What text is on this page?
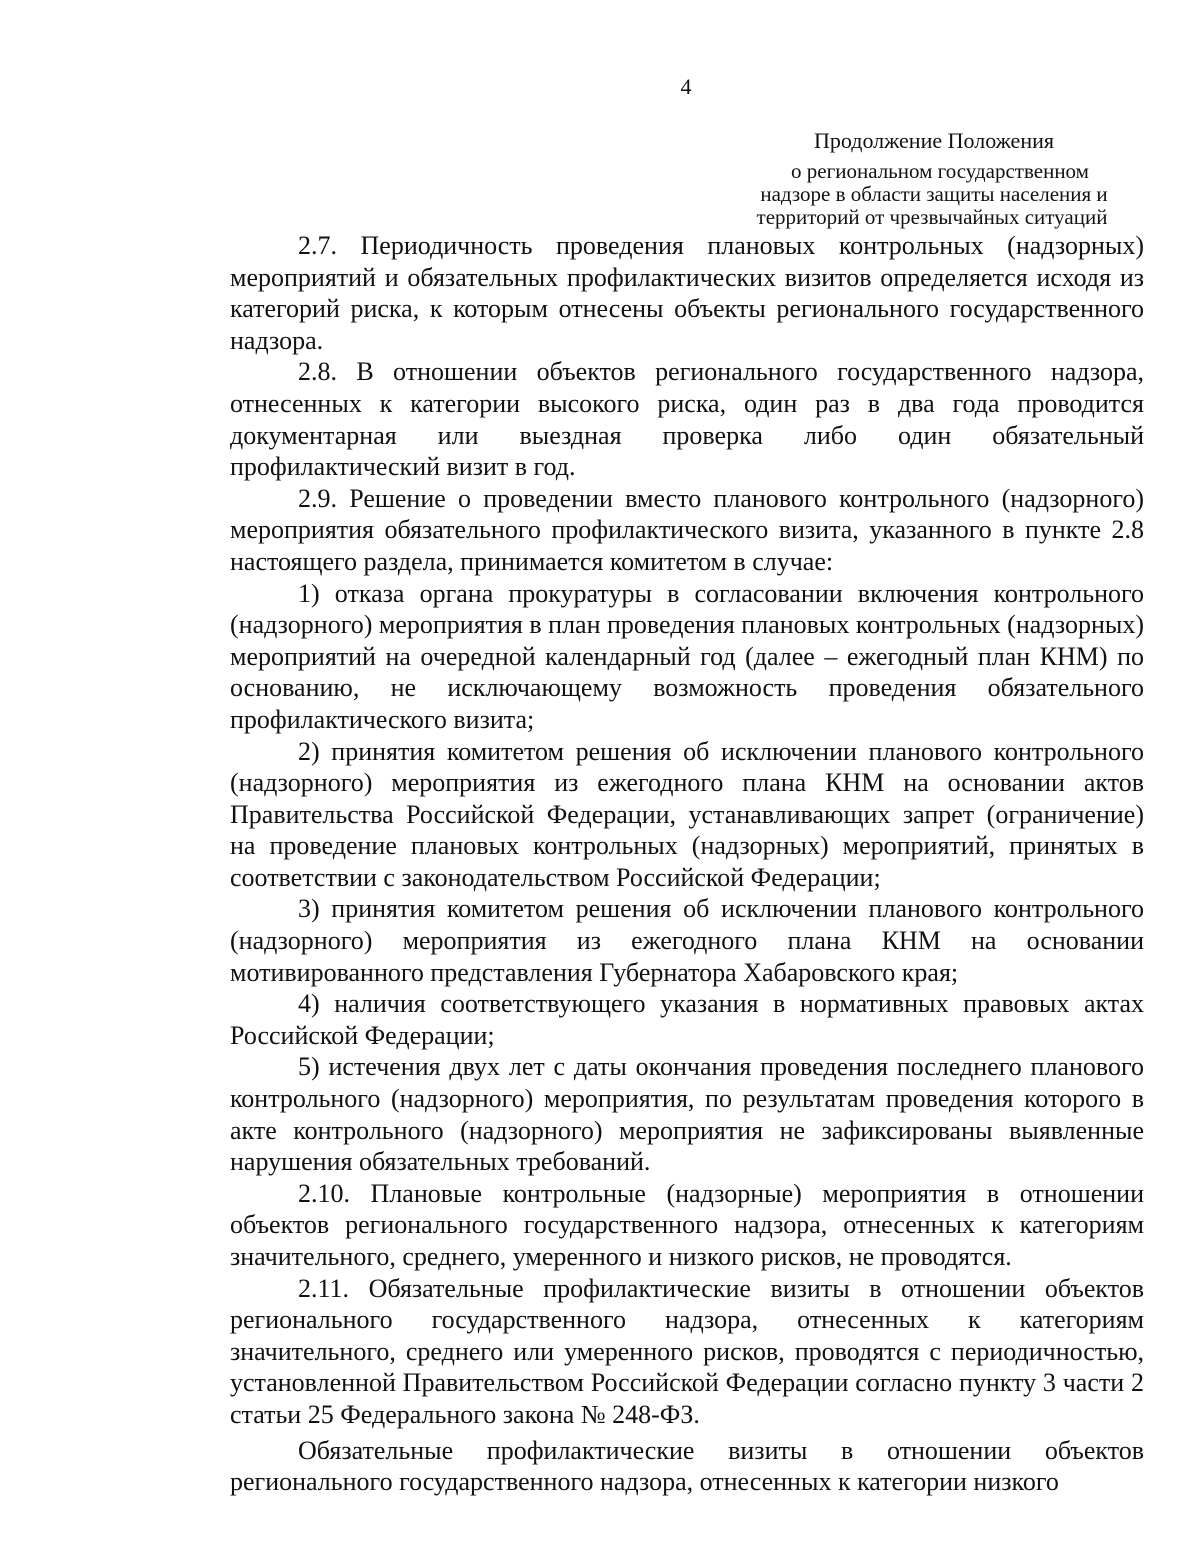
4
Продолжение Положения
о региональном государственном
надзоре в области защиты населения и
территорий от чрезвычайных ситуаций

2.7. Периодичность проведения плановых контрольных (надзорных) мероприятий и обязательных профилактических визитов определяется исходя из категорий риска, к которым отнесены объекты регионального государственного надзора.

2.8. В отношении объектов регионального государственного надзора, отнесенных к категории высокого риска, один раз в два года проводится документарная или выездная проверка либо один обязательный профилактический визит в год.

2.9. Решение о проведении вместо планового контрольного (надзорного) мероприятия обязательного профилактического визита, указанного в пункте 2.8 настоящего раздела, принимается комитетом в случае:

1) отказа органа прокуратуры в согласовании включения контрольного (надзорного) мероприятия в план проведения плановых контрольных (надзорных) мероприятий на очередной календарный год (далее – ежегодный план КНМ) по основанию, не исключающему возможность проведения обязательного профилактического визита;

2) принятия комитетом решения об исключении планового контрольного (надзорного) мероприятия из ежегодного плана КНМ на основании актов Правительства Российской Федерации, устанавливающих запрет (ограничение) на проведение плановых контрольных (надзорных) мероприятий, принятых в соответствии с законодательством Российской Федерации;

3) принятия комитетом решения об исключении планового контрольного (надзорного) мероприятия из ежегодного плана КНМ на основании мотивированного представления Губернатора Хабаровского края;

4) наличия соответствующего указания в нормативных правовых актах Российской Федерации;

5) истечения двух лет с даты окончания проведения последнего планового контрольного (надзорного) мероприятия, по результатам проведения которого в акте контрольного (надзорного) мероприятия не зафиксированы выявленные нарушения обязательных требований.

2.10. Плановые контрольные (надзорные) мероприятия в отношении объектов регионального государственного надзора, отнесенных к категориям значительного, среднего, умеренного и низкого рисков, не проводятся.

2.11. Обязательные профилактические визиты в отношении объектов регионального государственного надзора, отнесенных к категориям значительного, среднего или умеренного рисков, проводятся с периодичностью, установленной Правительством Российской Федерации согласно пункту 3 части 2 статьи 25 Федерального закона № 248-ФЗ.

Обязательные профилактические визиты в отношении объектов регионального государственного надзора, отнесенных к категории низкого
